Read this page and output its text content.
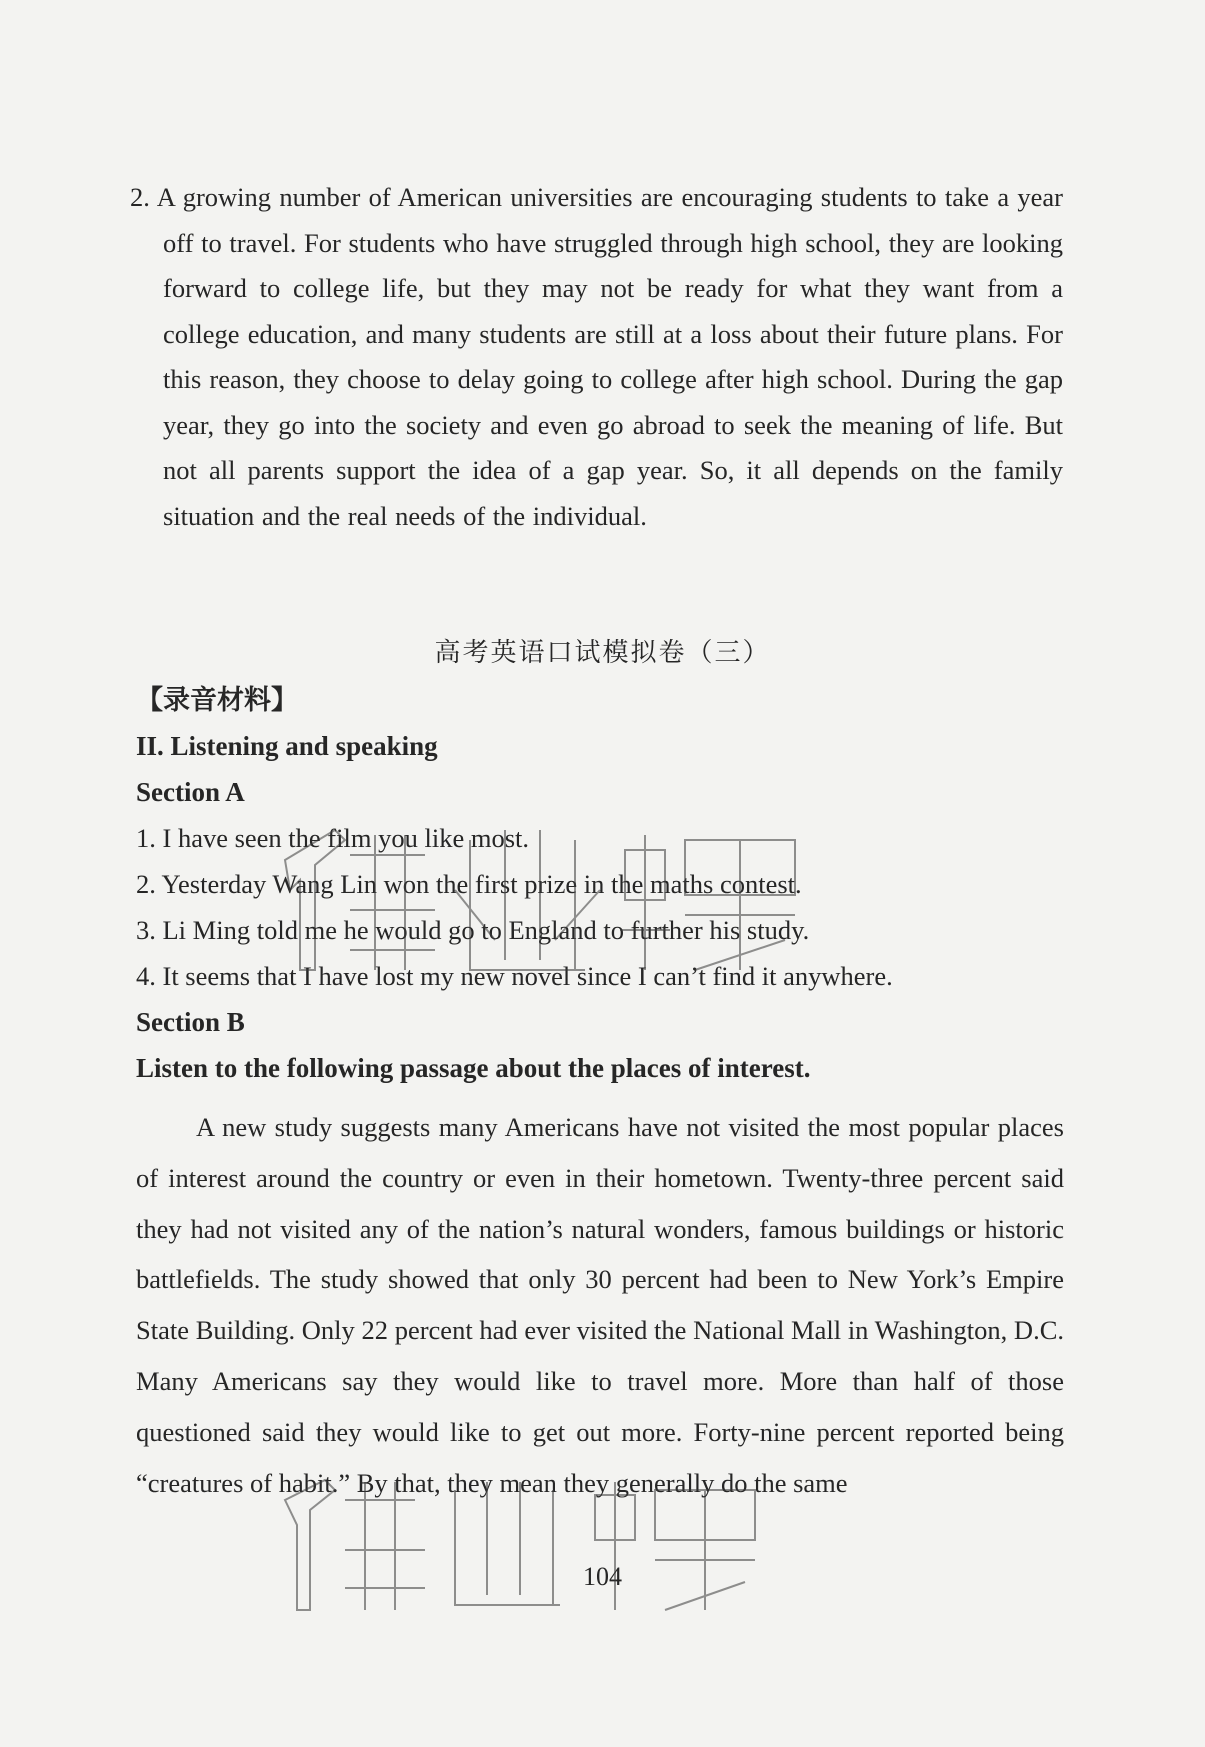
2. A growing number of American universities are encouraging students to take a year off to travel. For students who have struggled through high school, they are looking forward to college life, but they may not be ready for what they want from a college education, and many students are still at a loss about their future plans. For this reason, they choose to delay going to college after high school. During the gap year, they go into the society and even go abroad to seek the meaning of life. But not all parents support the idea of a gap year. So, it all depends on the family situation and the real needs of the individual.

高考英语口试模拟卷（三）
【录音材料】
II. Listening and speaking
Section A
1. I have seen the film you like most.
2. Yesterday Wang Lin won the first prize in the maths contest.
3. Li Ming told me he would go to England to further his study.
4. It seems that I have lost my new novel since I can’t find it anywhere.
Section B
Listen to the following passage about the places of interest.

A new study suggests many Americans have not visited the most popular places of interest around the country or even in their hometown. Twenty-three percent said they had not visited any of the nation’s natural wonders, famous buildings or historic battlefields. The study showed that only 30 percent had been to New York’s Empire State Building. Only 22 percent had ever visited the National Mall in Washington, D.C. Many Americans say they would like to travel more. More than half of those questioned said they would like to get out more. Forty-nine percent reported being “creatures of habit.” By that, they mean they generally do the same

104
